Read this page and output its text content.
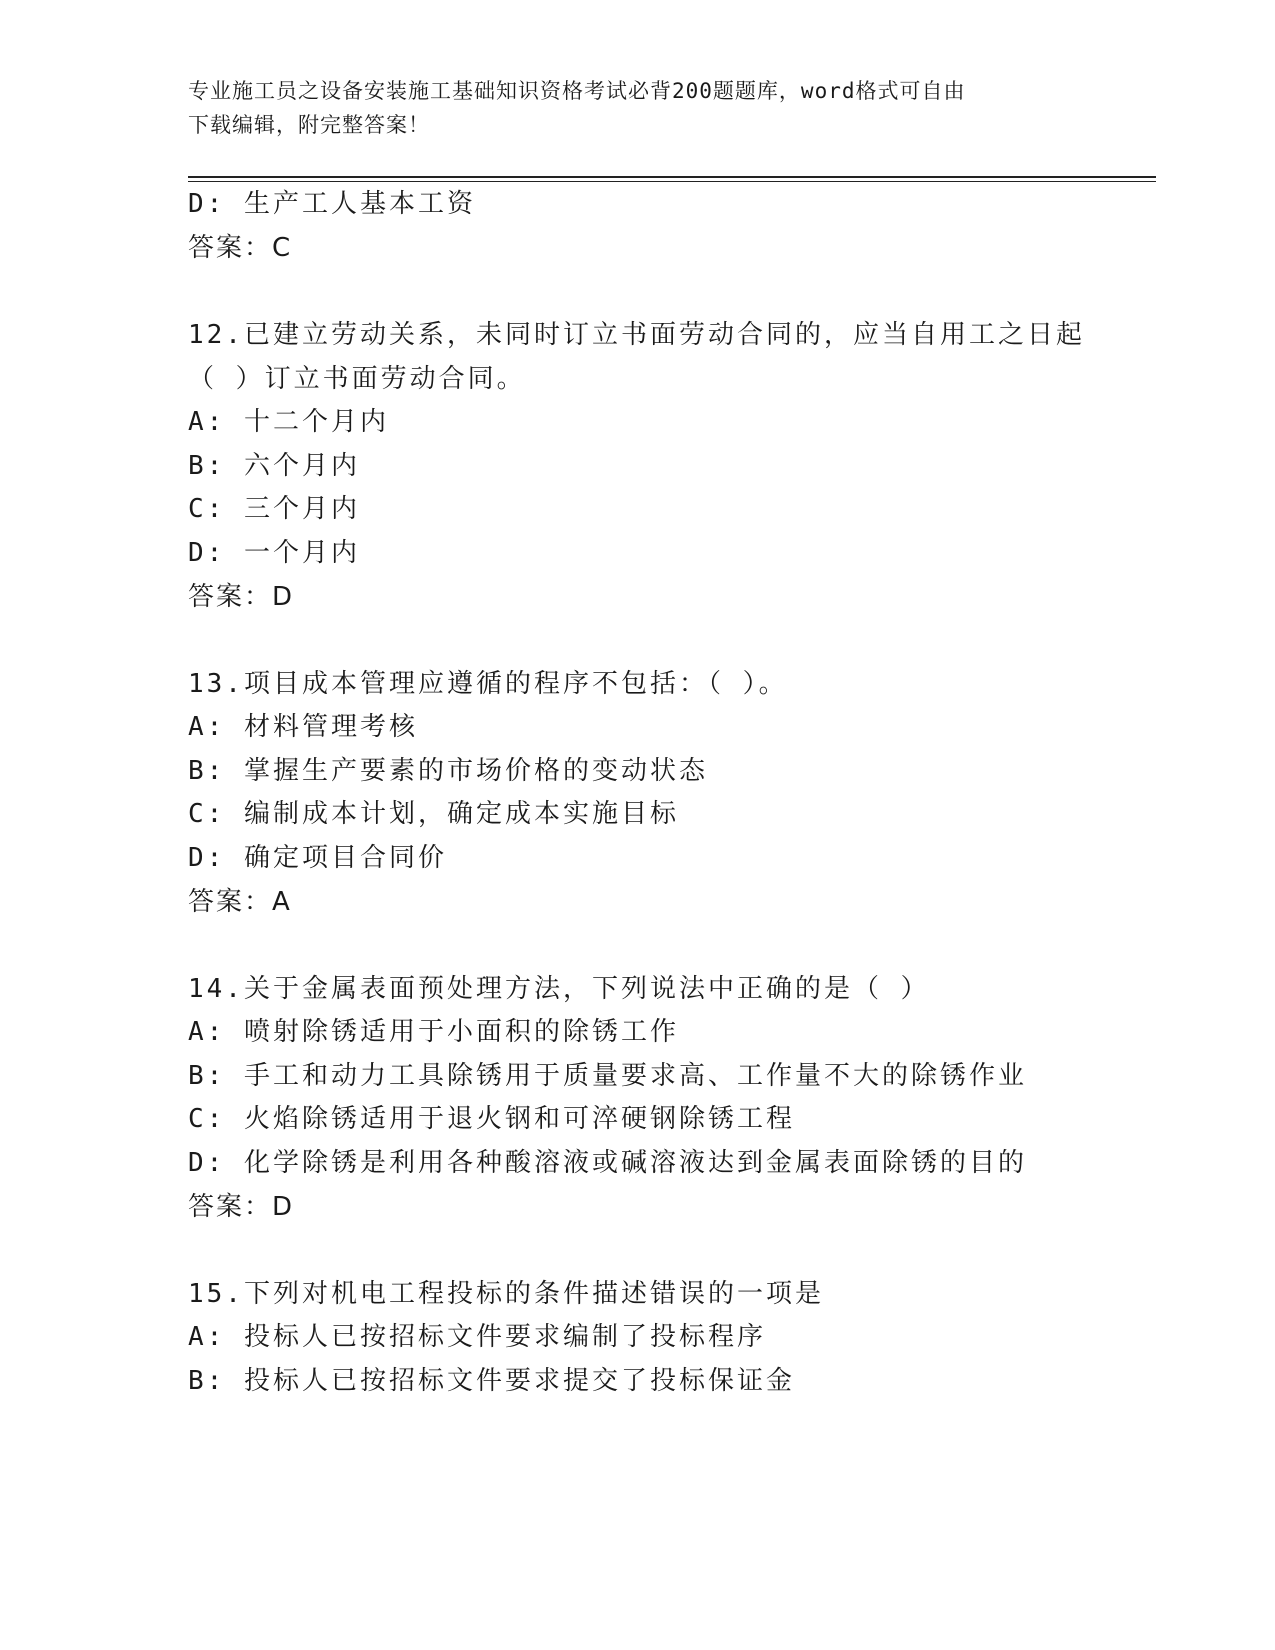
专业施工员之设备安装施工基础知识资格考试必背200题题库，word格式可自由
下载编辑，附完整答案！
D: 生产工人基本工资
答案：C
12.已建立劳动关系，未同时订立书面劳动合同的，应当自用工之日起
（ ）订立书面劳动合同。
A: 十二个月内
B: 六个月内
C: 三个月内
D: 一个月内
答案：D
13.项目成本管理应遵循的程序不包括：（ ）。
A: 材料管理考核
B: 掌握生产要素的市场价格的变动状态
C: 编制成本计划，确定成本实施目标
D: 确定项目合同价
答案：A
14.关于金属表面预处理方法，下列说法中正确的是（ ）
A: 喷射除锈适用于小面积的除锈工作
B: 手工和动力工具除锈用于质量要求高、工作量不大的除锈作业
C: 火焰除锈适用于退火钢和可淬硬钢除锈工程
D: 化学除锈是利用各种酸溶液或碱溶液达到金属表面除锈的目的
答案：D
15.下列对机电工程投标的条件描述错误的一项是
A: 投标人已按招标文件要求编制了投标程序
B: 投标人已按招标文件要求提交了投标保证金
